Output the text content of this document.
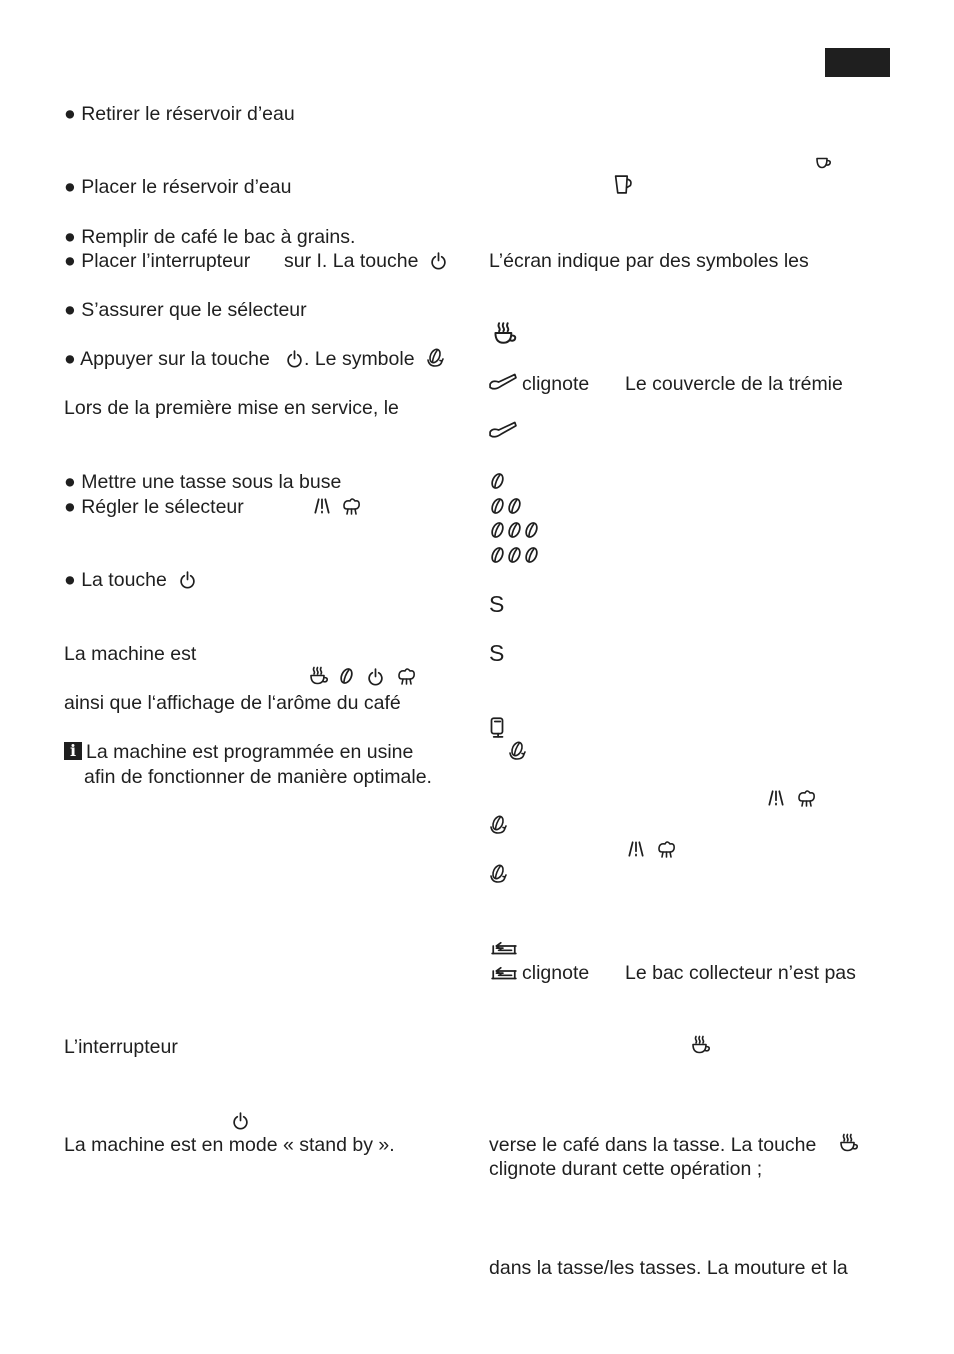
● Retirer le réservoir d’eau
● Placer le réservoir d’eau
● Remplir de café le bac à grains.
● Placer l’interrupteur sur I. La touche
● S’assurer que le sélecteur
● Appuyer sur la touche . Le symbole
Lors de la première mise en service, le
● Mettre une tasse sous la buse
● Régler le sélecteur
● La touche
La machine est
ainsi que l‘affichage de l‘arôme du café
i La machine est programmée en usine
afin de fonctionner de manière optimale.
L’interrupteur
La machine est en mode « stand by ».
L’écran indique par des symboles les
clignote Le couvercle de la trémie
S
S
clignote Le bac collecteur n’est pas
verse le café dans la tasse. La touche
clignote durant cette opération ;
dans la tasse/les tasses. La mouture et la
